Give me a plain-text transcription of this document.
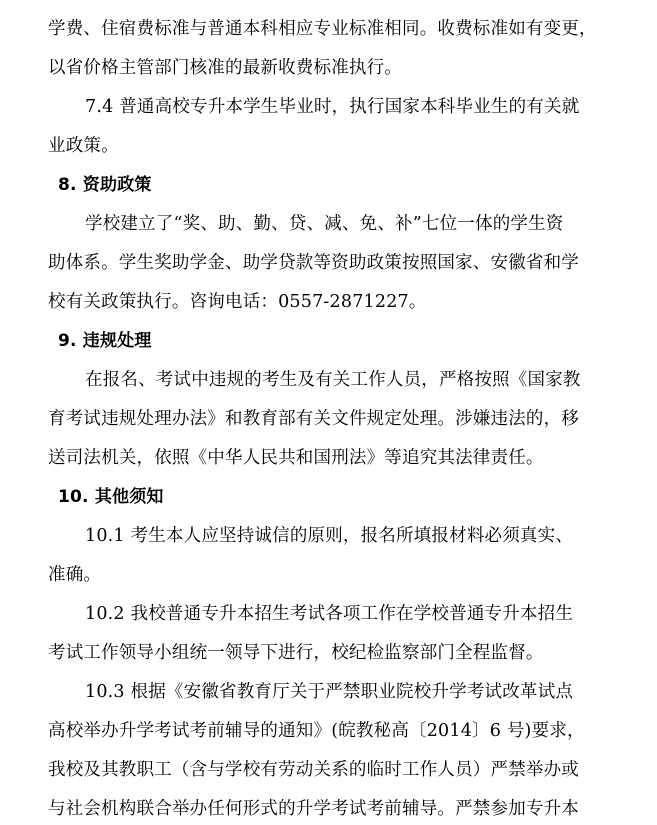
学费、住宿费标准与普通本科相应专业标准相同。收费标准如有变更，
以省价格主管部门核准的最新收费标准执行。
7.4 普通高校专升本学生毕业时，执行国家本科毕业生的有关就
业政策。
8. 资助政策
学校建立了“奖、助、勤、贷、减、免、补”七位一体的学生资
助体系。学生奖助学金、助学贷款等资助政策按照国家、安徽省和学
校有关政策执行。咨询电话：0557-2871227。
9. 违规处理
在报名、考试中违规的考生及有关工作人员，严格按照《国家教
育考试违规处理办法》和教育部有关文件规定处理。涉嫌违法的，移
送司法机关，依照《中华人民共和国刑法》等追究其法律责任。
10. 其他须知
10.1 考生本人应坚持诚信的原则，报名所填报材料必须真实、
准确。
10.2 我校普通专升本招生考试各项工作在学校普通专升本招生
考试工作领导小组统一领导下进行，校纪检监察部门全程监督。
10.3 根据《安徽省教育厅关于严禁职业院校升学考试改革试点
高校举办升学考试考前辅导的通知》(皖教秘高〔2014〕6 号)要求，
我校及其教职工（含与学校有劳动关系的临时工作人员）严禁举办或
与社会机构联合举办任何形式的升学考试考前辅导。严禁参加专升本
